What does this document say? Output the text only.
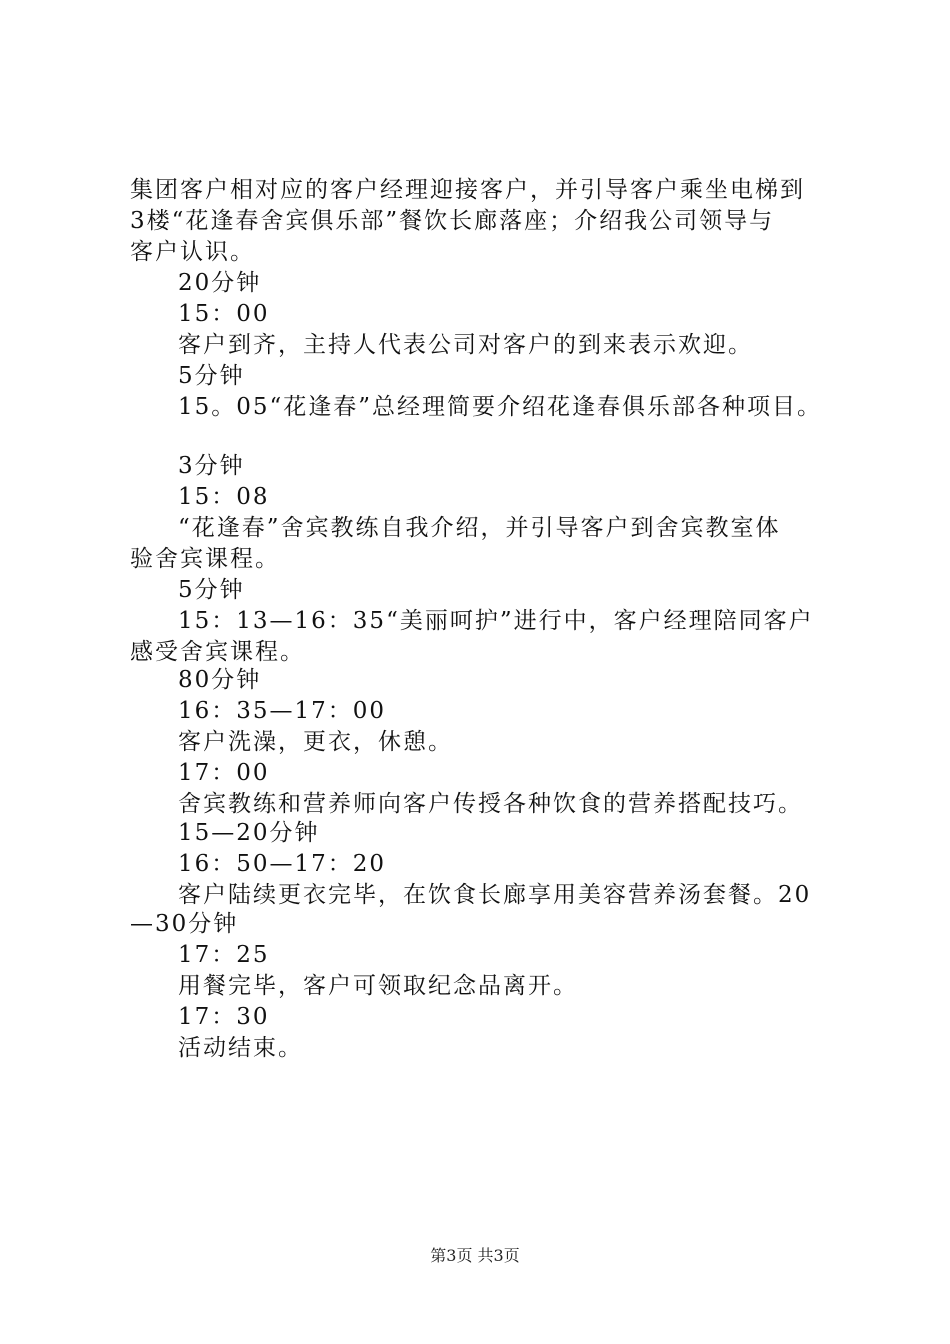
集团客户相对应的客户经理迎接客户，并引导客户乘坐电梯到
3楼“花逢春舍宾俱乐部”餐饮长廊落座；介绍我公司领导与
客户认识。
20分钟
15：00
客户到齐，主持人代表公司对客户的到来表示欢迎。
5分钟
15。05“花逢春”总经理简要介绍花逢春俱乐部各种项目。
3分钟
15：08
“花逢春”舍宾教练自我介绍，并引导客户到舍宾教室体
验舍宾课程。
5分钟
15：13—16：35“美丽呵护”进行中，客户经理陪同客户
感受舍宾课程。
80分钟
16：35—17：00
客户洗澡，更衣，休憩。
17：00
舍宾教练和营养师向客户传授各种饮食的营养搭配技巧。
15—20分钟
16：50—17：20
客户陆续更衣完毕，在饮食长廊享用美容营养汤套餐。20
—30分钟
17：25
用餐完毕，客户可领取纪念品离开。
17：30
活动结束。
第3页 共3页
